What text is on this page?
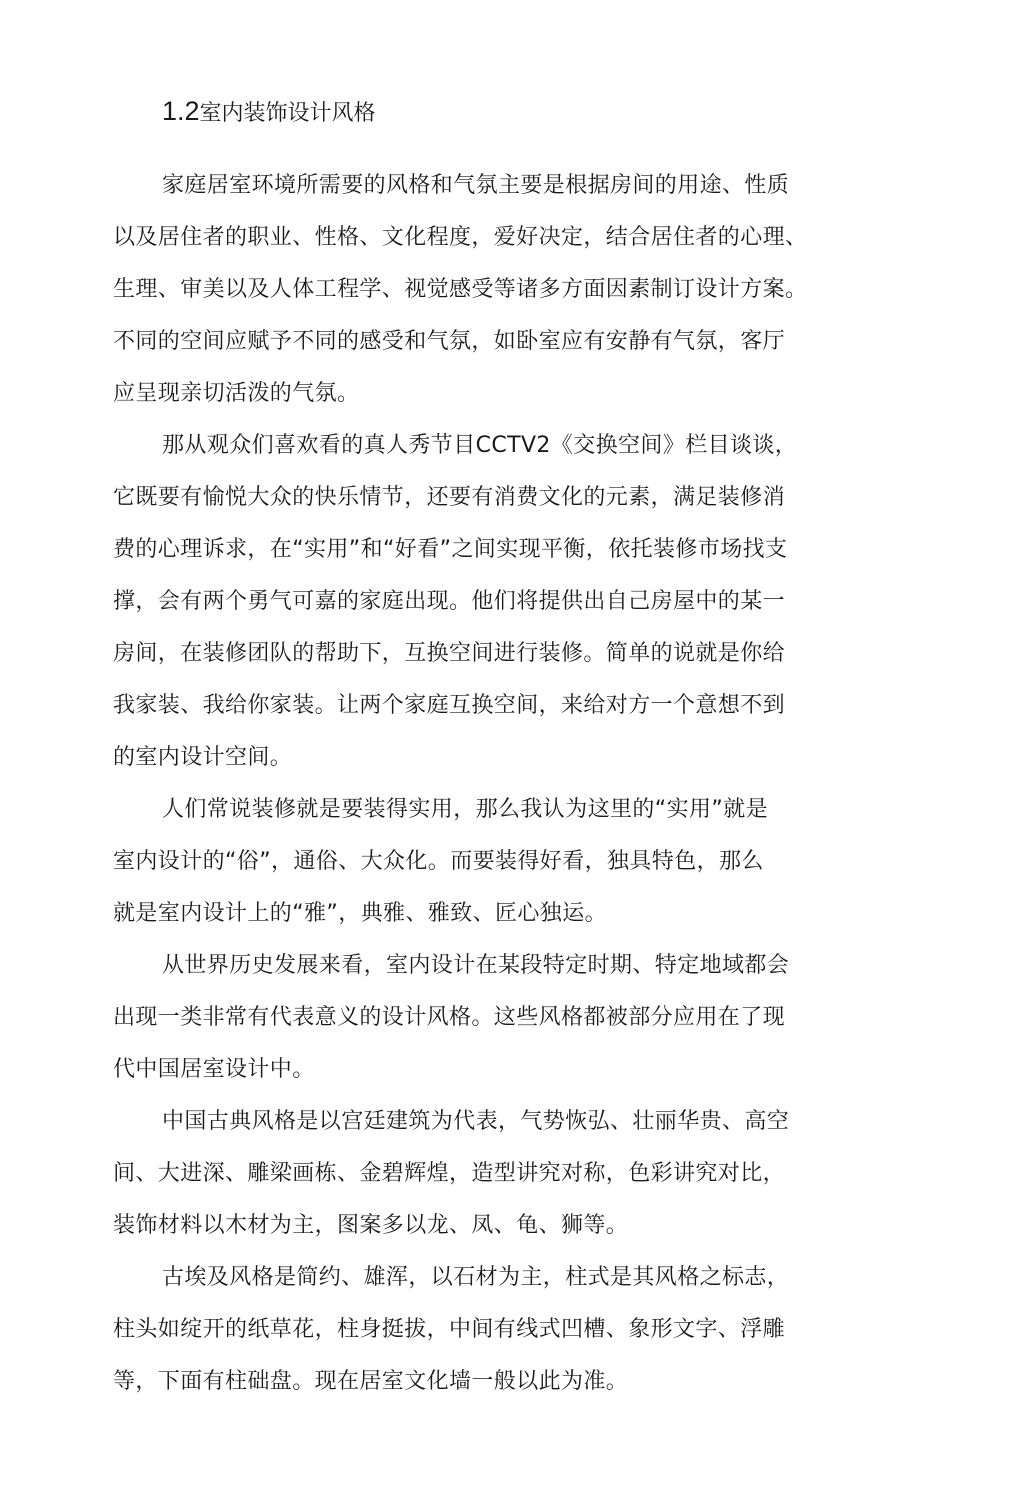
1.2室内装饰设计风格
家庭居室环境所需要的风格和气氛主要是根据房间的用途、性质
以及居住者的职业、性格、文化程度，爱好决定，结合居住者的心理、
生理、审美以及人体工程学、视觉感受等诸多方面因素制订设计方案。
不同的空间应赋予不同的感受和气氛，如卧室应有安静有气氛，客厅
应呈现亲切活泼的气氛。
那从观众们喜欢看的真人秀节目CCTV2《交换空间》栏目谈谈，
它既要有愉悦大众的快乐情节，还要有消费文化的元素，满足装修消
费的心理诉求，在“实用”和“好看”之间实现平衡，依托装修市场找支
撑，会有两个勇气可嘉的家庭出现。他们将提供出自己房屋中的某一
房间，在装修团队的帮助下，互换空间进行装修。简单的说就是你给
我家装、我给你家装。让两个家庭互换空间，来给对方一个意想不到
的室内设计空间。
人们常说装修就是要装得实用，那么我认为这里的“实用”就是
室内设计的“俗”，通俗、大众化。而要装得好看，独具特色，那么
就是室内设计上的“雅”，典雅、雅致、匠心独运。
从世界历史发展来看，室内设计在某段特定时期、特定地域都会
出现一类非常有代表意义的设计风格。这些风格都被部分应用在了现
代中国居室设计中。
中国古典风格是以宫廷建筑为代表，气势恢弘、壮丽华贵、高空
间、大进深、雕梁画栋、金碧辉煌，造型讲究对称，色彩讲究对比，
装饰材料以木材为主，图案多以龙、凤、龟、狮等。
古埃及风格是简约、雄浑，以石材为主，柱式是其风格之标志，
柱头如绽开的纸草花，柱身挺拔，中间有线式凹槽、象形文字、浮雕
等，下面有柱础盘。现在居室文化墙一般以此为准。
